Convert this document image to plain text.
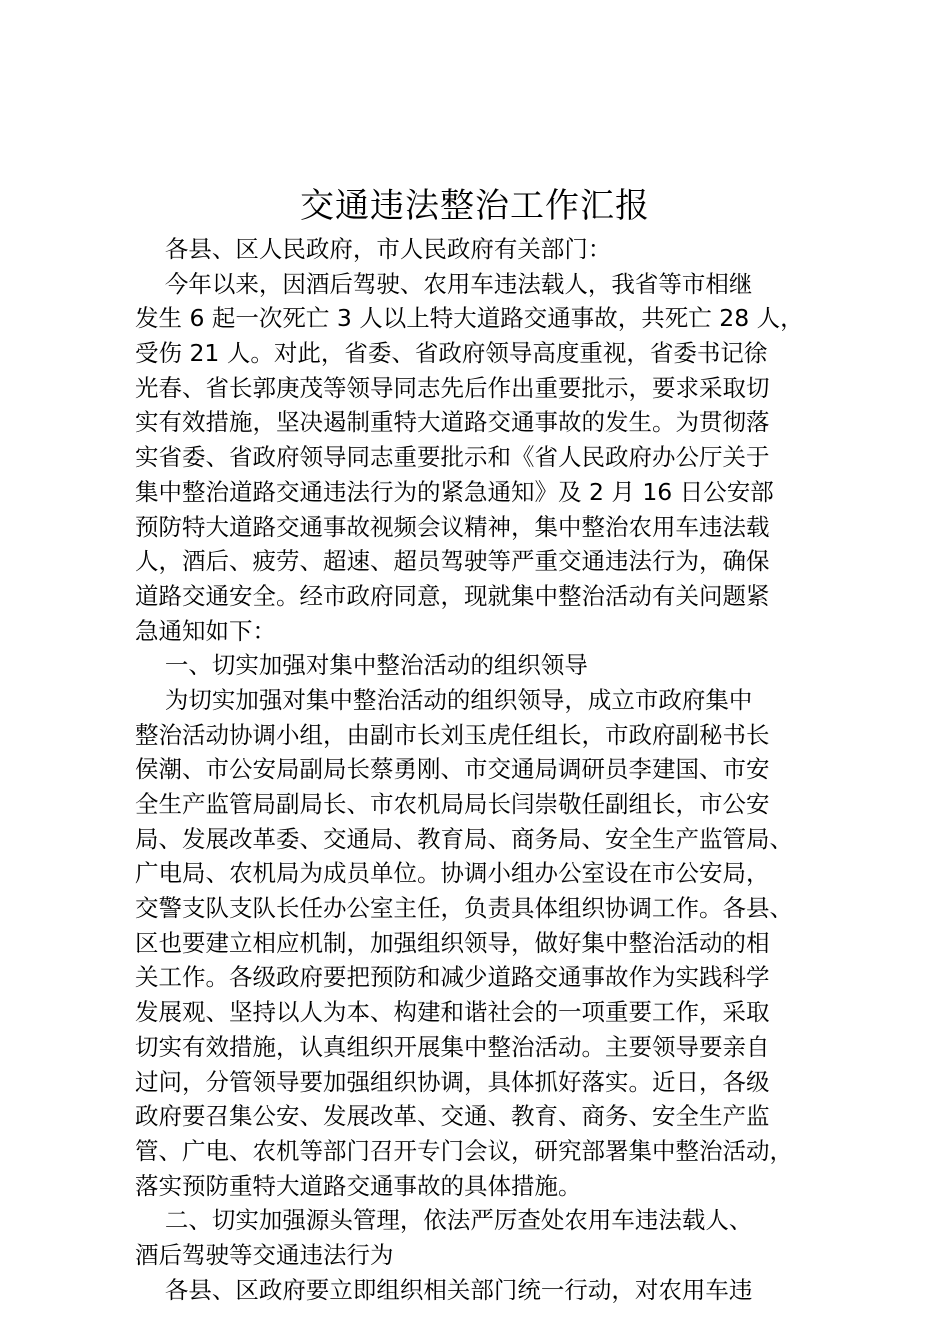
交通违法整治工作汇报
各县、区人民政府，市人民政府有关部门：
今年以来，因酒后驾驶、农用车违法载人，我省等市相继
发生 6 起一次死亡 3 人以上特大道路交通事故，共死亡 28 人，
受伤 21 人。对此，省委、省政府领导高度重视，省委书记徐
光春、省长郭庚茂等领导同志先后作出重要批示，要求采取切
实有效措施，坚决遏制重特大道路交通事故的发生。为贯彻落
实省委、省政府领导同志重要批示和《省人民政府办公厅关于
集中整治道路交通违法行为的紧急通知》及 2 月 16 日公安部
预防特大道路交通事故视频会议精神，集中整治农用车违法载
人，酒后、疲劳、超速、超员驾驶等严重交通违法行为，确保
道路交通安全。经市政府同意，现就集中整治活动有关问题紧
急通知如下：
一、切实加强对集中整治活动的组织领导
为切实加强对集中整治活动的组织领导，成立市政府集中
整治活动协调小组，由副市长刘玉虎任组长，市政府副秘书长
侯潮、市公安局副局长蔡勇刚、市交通局调研员李建国、市安
全生产监管局副局长、市农机局局长闫崇敬任副组长，市公安
局、发展改革委、交通局、教育局、商务局、安全生产监管局、
广电局、农机局为成员单位。协调小组办公室设在市公安局，
交警支队支队长任办公室主任，负责具体组织协调工作。各县、
区也要建立相应机制，加强组织领导，做好集中整治活动的相
关工作。各级政府要把预防和减少道路交通事故作为实践科学
发展观、坚持以人为本、构建和谐社会的一项重要工作，采取
切实有效措施，认真组织开展集中整治活动。主要领导要亲自
过问，分管领导要加强组织协调，具体抓好落实。近日，各级
政府要召集公安、发展改革、交通、教育、商务、安全生产监
管、广电、农机等部门召开专门会议，研究部署集中整治活动，
落实预防重特大道路交通事故的具体措施。
二、切实加强源头管理，依法严厉查处农用车违法载人、
酒后驾驶等交通违法行为
各县、区政府要立即组织相关部门统一行动，对农用车违
